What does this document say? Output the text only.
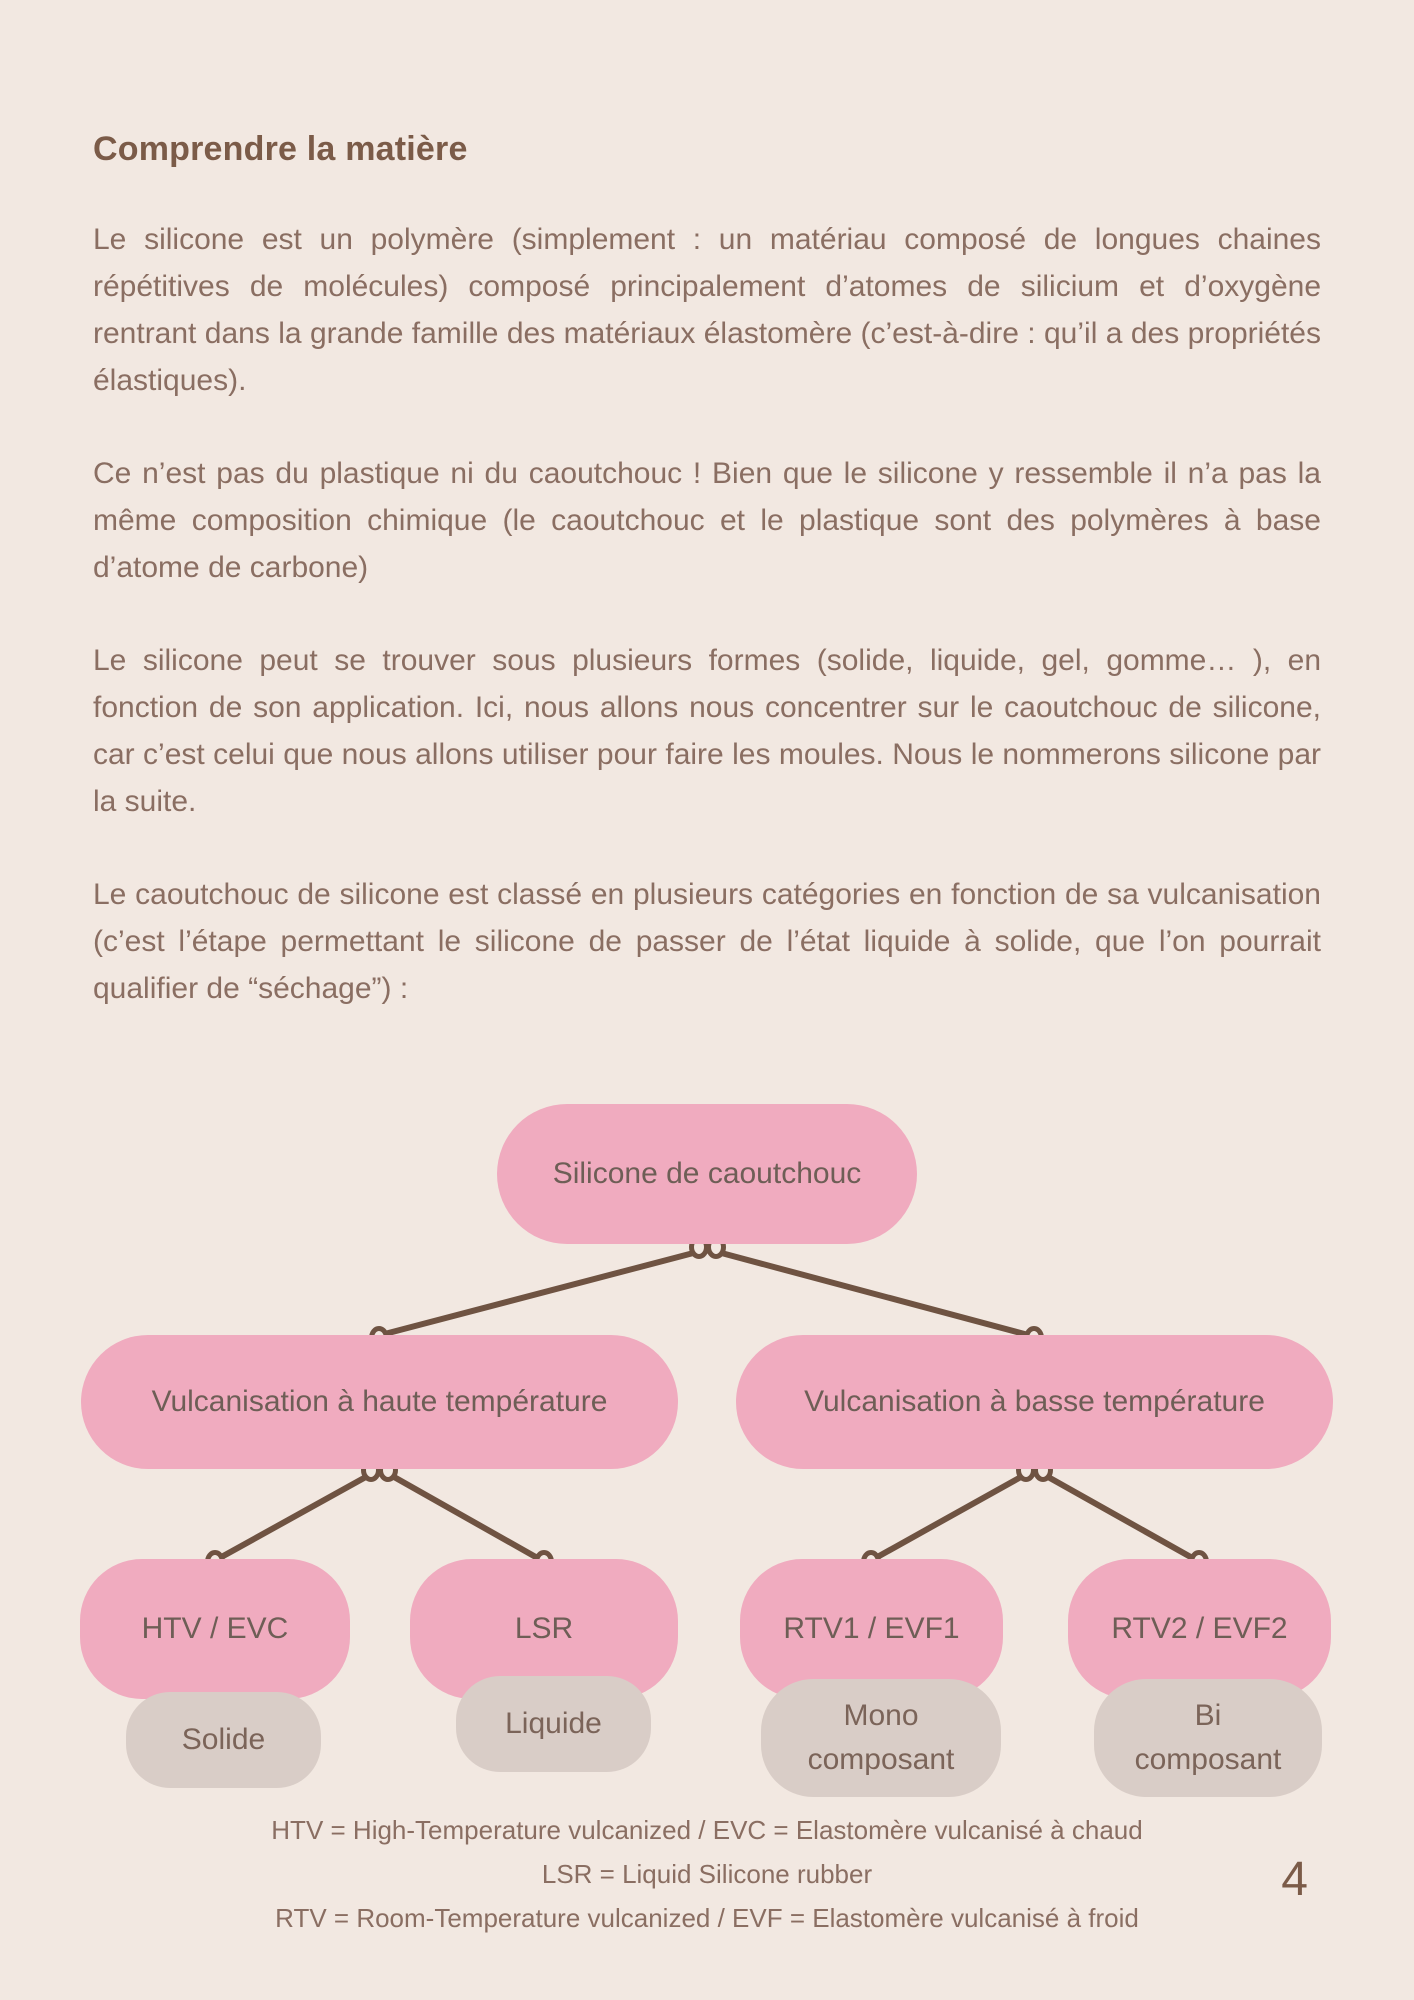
Comprendre la matière

Le silicone est un polymère (simplement : un matériau composé de longues chaines répétitives de molécules) composé principalement d’atomes de silicium et d’oxygène rentrant dans la grande famille des matériaux élastomère (c’est-à-dire : qu’il a des propriétés élastiques).

Ce n’est pas du plastique ni du caoutchouc ! Bien que le silicone y ressemble il n’a pas la même composition chimique (le caoutchouc et le plastique sont des polymères à base d’atome de carbone)

Le silicone peut se trouver sous plusieurs formes (solide, liquide, gel, gomme… ), en fonction de son application. Ici, nous allons nous concentrer sur le caoutchouc de silicone, car c’est celui que nous allons utiliser pour faire les moules. Nous le nommerons silicone par la suite.

Le caoutchouc de silicone est classé en plusieurs catégories en fonction de sa vulcanisation (c’est l’étape permettant le silicone de passer de l’état liquide à solide, que l’on pourrait qualifier de “séchage”) :

Silicone de caoutchouc
Vulcanisation à haute température	Vulcanisation à basse température
HTV / EVC	LSR	RTV1 / EVF1	RTV2 / EVF2
Solide	Liquide	Mono composant
Bi composant
HTV = High-Temperature vulcanized / EVC = Elastomère vulcanisé à chaud
LSR = Liquid Silicone rubber
RTV = Room-Temperature vulcanized / EVF = Elastomère vulcanisé à froid
4
